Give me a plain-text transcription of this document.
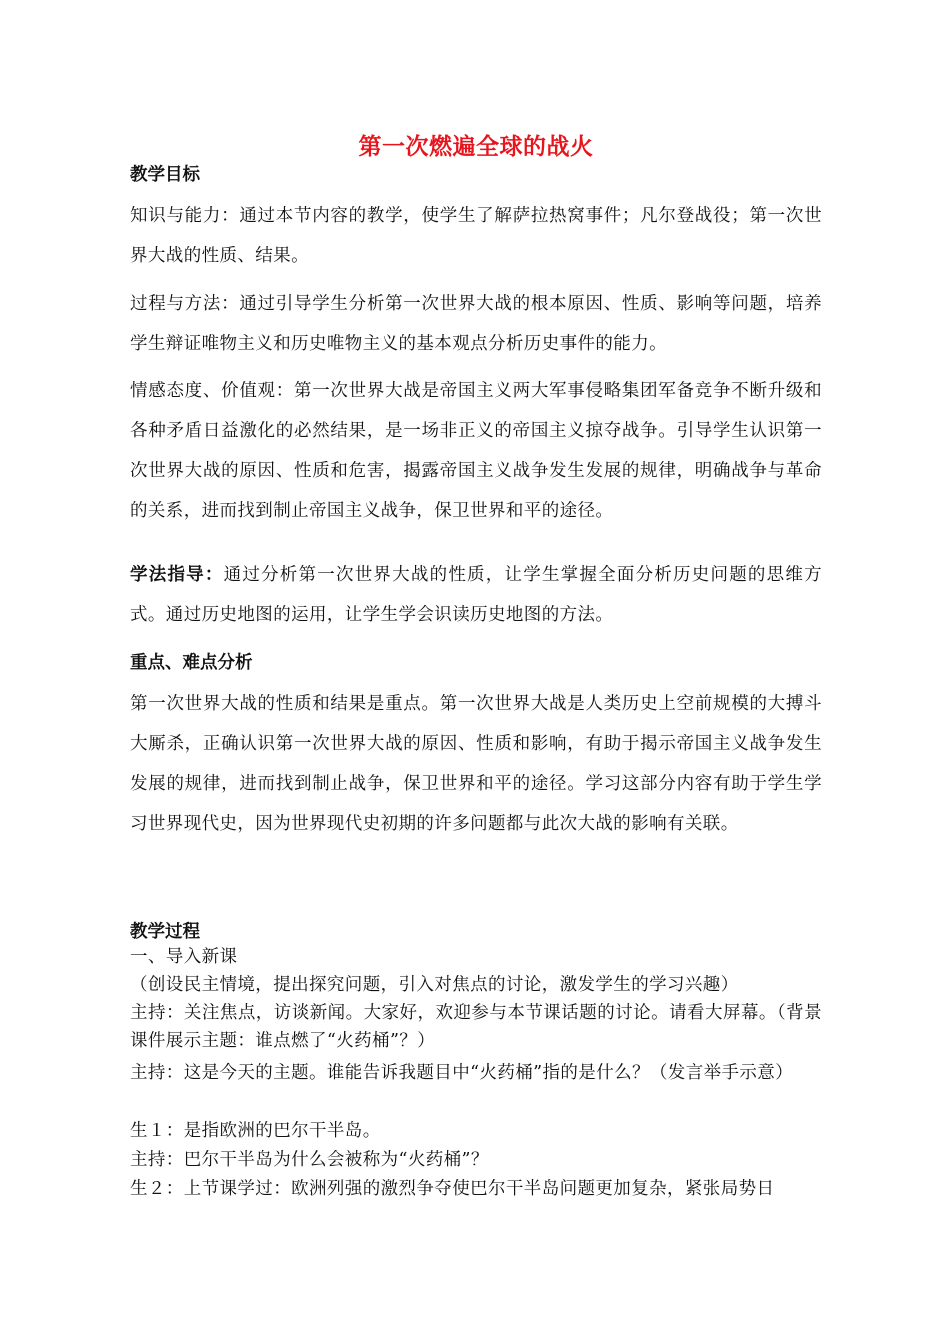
第一次燃遍全球的战火
教学目标
知识与能力：通过本节内容的教学，使学生了解萨拉热窝事件；凡尔登战役；第一次世界大战的性质、结果。
过程与方法：通过引导学生分析第一次世界大战的根本原因、性质、影响等问题，培养学生辩证唯物主义和历史唯物主义的基本观点分析历史事件的能力。
情感态度、价值观：第一次世界大战是帝国主义两大军事侵略集团军备竞争不断升级和各种矛盾日益激化的必然结果，是一场非正义的帝国主义掠夺战争。引导学生认识第一次世界大战的原因、性质和危害，揭露帝国主义战争发生发展的规律，明确战争与革命的关系，进而找到制止帝国主义战争，保卫世界和平的途径。
学法指导：通过分析第一次世界大战的性质，让学生掌握全面分析历史问题的思维方式。通过历史地图的运用，让学生学会识读历史地图的方法。
重点、难点分析
第一次世界大战的性质和结果是重点。第一次世界大战是人类历史上空前规模的大搏斗大厮杀，正确认识第一次世界大战的原因、性质和影响，有助于揭示帝国主义战争发生发展的规律，进而找到制止战争，保卫世界和平的途径。学习这部分内容有助于学生学习世界现代史，因为世界现代史初期的许多问题都与此次大战的影响有关联。
教学过程
一、导入新课
（创设民主情境，提出探究问题，引入对焦点的讨论，激发学生的学习兴趣）
主持：关注焦点，访谈新闻。大家好，欢迎参与本节课话题的讨论。请看大屏幕。（背景课件展示主题：谁点燃了“火药桶”？）
主持：这是今天的主题。谁能告诉我题目中“火药桶”指的是什么？（发言举手示意）
生１：是指欧洲的巴尔干半岛。
主持：巴尔干半岛为什么会被称为“火药桶”？
生２：上节课学过：欧洲列强的激烈争夺使巴尔干半岛问题更加复杂，紧张局势日
